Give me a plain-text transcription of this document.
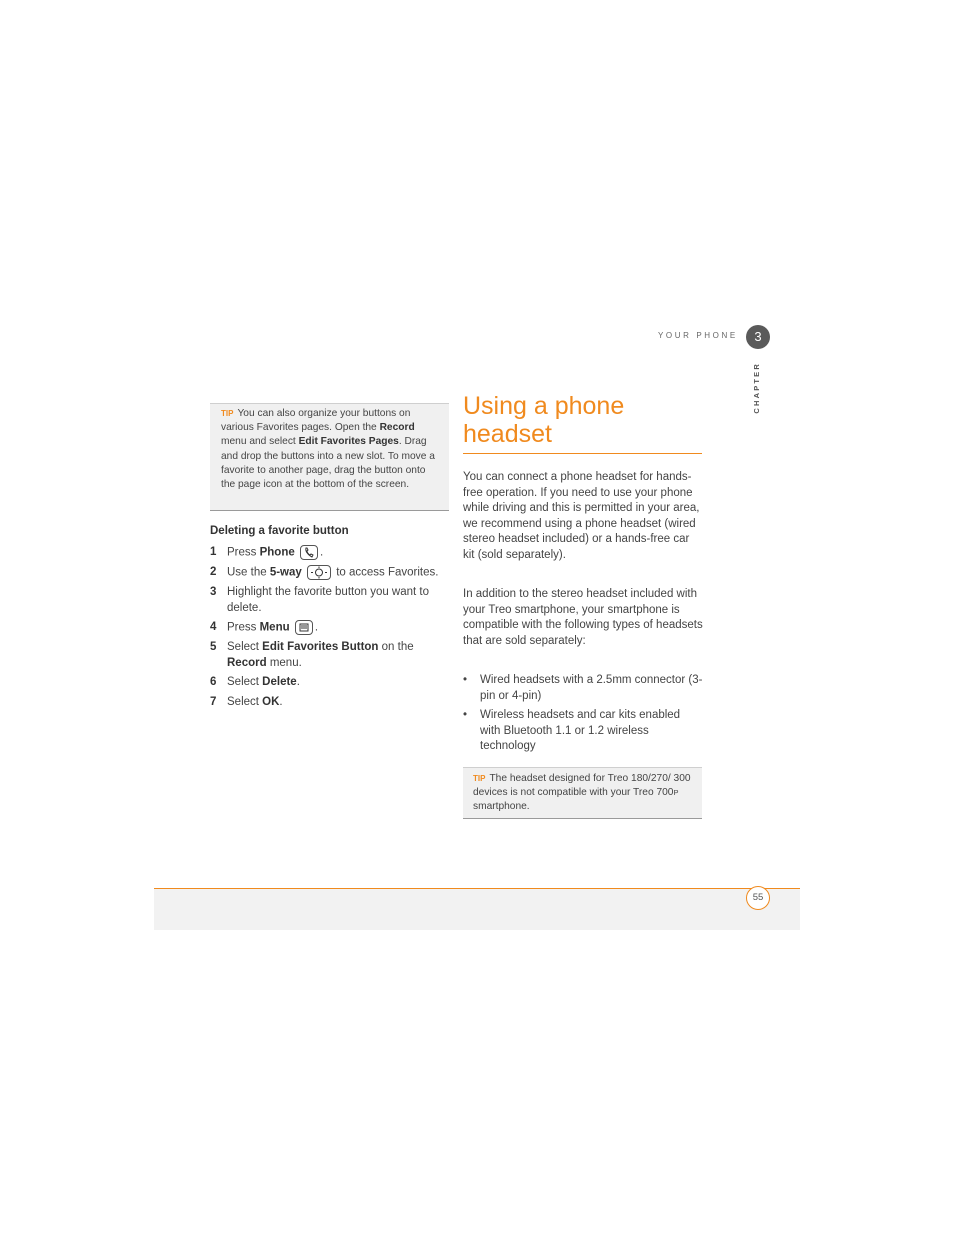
YOUR PHONE	3
CHAPTER
TIP You can also organize your buttons on various Favorites pages. Open the Record menu and select Edit Favorites Pages. Drag and drop the buttons into a new slot. To move a favorite to another page, drag the button onto the page icon at the bottom of the screen.
Deleting a favorite button
1 Press Phone .
2 Use the 5-way	to access Favorites.
3 Highlight the favorite button you want to delete.
4 Press Menu .
5 Select Edit Favorites Button on the Record menu.
6 Select Delete.
7 Select OK.
Using a phone headset
You can connect a phone headset for hands-free operation. If you need to use your phone while driving and this is permitted in your area, we recommend using a phone headset (wired stereo headset included) or a hands-free car kit (sold separately).
In addition to the stereo headset included with your Treo smartphone, your smartphone is compatible with the following types of headsets that are sold separately:
•	Wired headsets with a 2.5mm connector (3-pin or 4-pin)
•	Wireless headsets and car kits enabled with Bluetooth 1.1 or 1.2 wireless technology
TIP The headset designed for Treo 180/270/ 300 devices is not compatible with your Treo 700P smartphone.
55
